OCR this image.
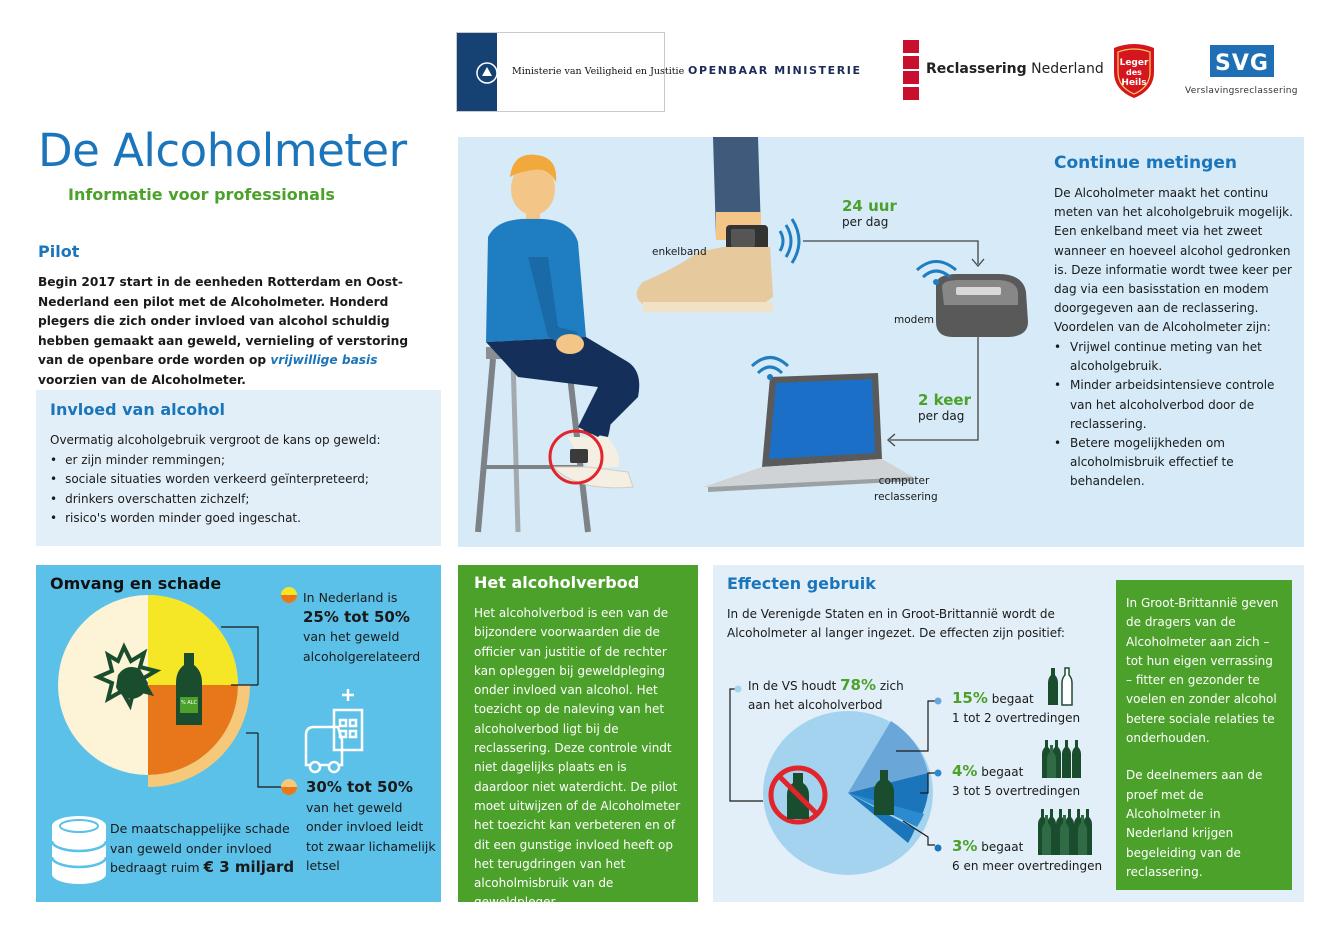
Ministerie van Veiligheid en Justitie OPENBAAR MINISTERIE	Reclassering Nederland Leger
des
Heils
SVG
Verslavingsreclassering
De Alcoholmeter
Informatie voor professionals
Pilot

Begin 2017 start in de eenheden Rotterdam en Oost-Nederland een pilot met de Alcoholmeter. Honderd plegers die zich onder invloed van alcohol schuldig hebben gemaakt aan geweld, vernieling of verstoring van de openbare orde worden op vrijwillige basis voorzien van de Alcoholmeter.

Invloed van alcohol

Overmatig alcoholgebruik vergroot de kans op geweld:

• er zijn minder remmingen;
• sociale situaties worden verkeerd geïnterpreteerd;
• drinkers overschatten zichzelf;
• risico's worden minder goed ingeschat.
24 uur
per dag
2 keer
per dag
enkelband
modem
computer
reclassering
Continue metingen

De Alcoholmeter maakt het continu meten van het alcoholgebruik mogelijk. Een enkelband meet via het zweet wanneer en hoeveel alcohol gedronken is. Deze informatie wordt twee keer per dag via een basisstation en modem doorgegeven aan de reclassering. Voordelen van de Alcoholmeter zijn:

• Vrijwel continue meting van het alcoholgebruik.
• Minder arbeidsintensieve controle van het alcoholverbod door de reclassering.
• Betere mogelijkheden om alcoholmisbruik effectief te behandelen.
Omvang en schade
% ALC
In Nederland is
25% tot 50%
van het geweld alcoholgerelateerd
30% tot 50%
van het geweld onder invloed leidt tot zwaar lichamelijk letsel
De maatschappelijke schade van geweld onder invloed bedraagt ruim € 3 miljard
Het alcoholverbod

Het alcoholverbod is een van de bijzondere voorwaarden die de officier van justitie of de rechter kan opleggen bij geweldpleging onder invloed van alcohol. Het toezicht op de naleving van het alcoholverbod ligt bij de reclassering. Deze controle vindt niet dagelijks plaats en is daardoor niet waterdicht. De pilot moet uitwijzen of de Alcoholmeter het toezicht kan verbeteren en of dit een gunstige invloed heeft op het terugdringen van het alcoholmisbruik van de geweldpleger.

Effecten gebruik

In de Verenigde Staten en in Groot-Brittannië wordt de Alcoholmeter al langer ingezet. De effecten zijn positief:

In de VS houdt 78% zich aan het alcoholverbod	15% begaat
1 tot 2 overtredingen
4% begaat
3 tot 5 overtredingen
3% begaat
6 en meer overtredingen

In Groot-Brittannië geven de dragers van de Alcoholmeter aan zich – tot hun eigen verrassing – fitter en gezonder te voelen en zonder alcohol betere sociale relaties te onderhouden.

De deelnemers aan de proef met de Alcoholmeter in Nederland krijgen begeleiding van de reclassering.
